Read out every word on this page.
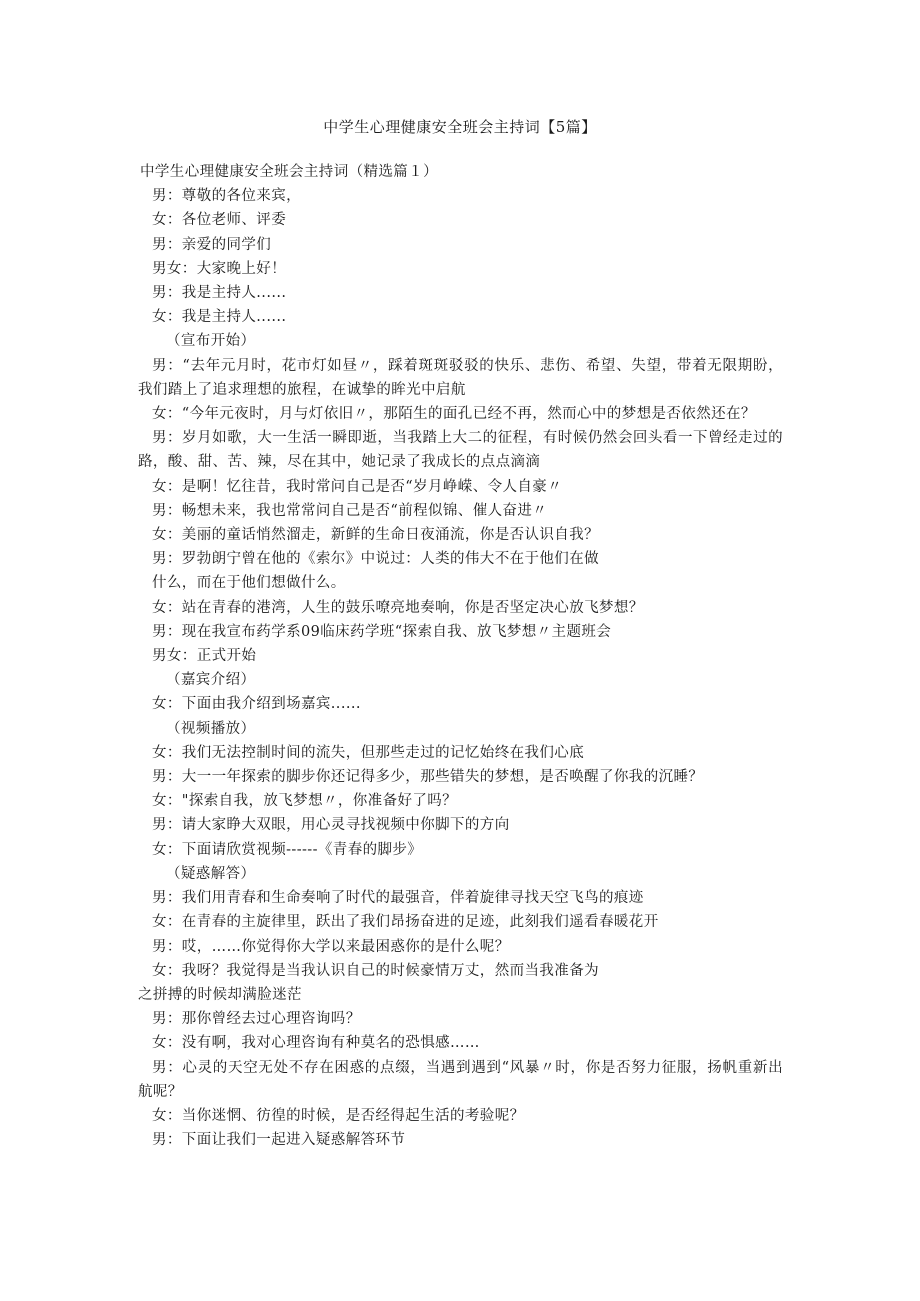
中学生心理健康安全班会主持词【5篇】

中学生心理健康安全班会主持词（精选篇１）

男：尊敬的各位来宾，

女：各位老师、评委

男：亲爱的同学们

男女：大家晚上好！

男：我是主持人......

女：我是主持人......

（宣布开始）

男：“去年元月时，花市灯如昼〃，踩着斑斑驳驳的快乐、悲伤、希望、失望，带着无限期盼，我们踏上了追求理想的旅程，在诚挚的眸光中启航

女：“今年元夜时，月与灯依旧〃，那陌生的面孔已经不再，然而心中的梦想是否依然还在？

男：岁月如歌，大一生活一瞬即逝，当我踏上大二的征程，有时候仍然会回头看一下曾经走过的路，酸、甜、苦、辣，尽在其中，她记录了我成长的点点滴滴

女：是啊！忆往昔，我时常问自己是否“岁月峥嵘、令人自豪〃

男：畅想未来，我也常常问自己是否“前程似锦、催人奋进〃

女：美丽的童话悄然溜走，新鲜的生命日夜涌流，你是否认识自我？

男：罗勃朗宁曾在他的《索尔》中说过：人类的伟大不在于他们在做

什么，而在于他们想做什么。

女：站在青春的港湾，人生的鼓乐嘹亮地奏响，你是否坚定决心放飞梦想？

男：现在我宣布药学系09临床药学班“探索自我、放飞梦想〃主题班会

男女：正式开始

（嘉宾介绍）

女：下面由我介绍到场嘉宾......

（视频播放）

女：我们无法控制时间的流失，但那些走过的记忆始终在我们心底

男：大一一年探索的脚步你还记得多少，那些错失的梦想，是否唤醒了你我的沉睡？

女："探索自我，放飞梦想〃，你准备好了吗？

男：请大家睁大双眼，用心灵寻找视频中你脚下的方向

女：下面请欣赏视频------《青春的脚步》

（疑惑解答）

男：我们用青春和生命奏响了时代的最强音，伴着旋律寻找天空飞鸟的痕迹

女：在青春的主旋律里，跃出了我们昂扬奋进的足迹，此刻我们遥看春暖花开

男：哎，……你觉得你大学以来最困惑你的是什么呢？

女：我呀？我觉得是当我认识自己的时候豪情万丈，然而当我准备为

之拼搏的时候却满脸迷茫

男：那你曾经去过心理咨询吗？

女：没有啊，我对心理咨询有种莫名的恐惧感……

男：心灵的天空无处不存在困惑的点缀，当遇到遇到“风暴〃时，你是否努力征服，扬帆重新出航呢？

女：当你迷惘、彷徨的时候，是否经得起生活的考验呢？

男：下面让我们一起进入疑惑解答环节
